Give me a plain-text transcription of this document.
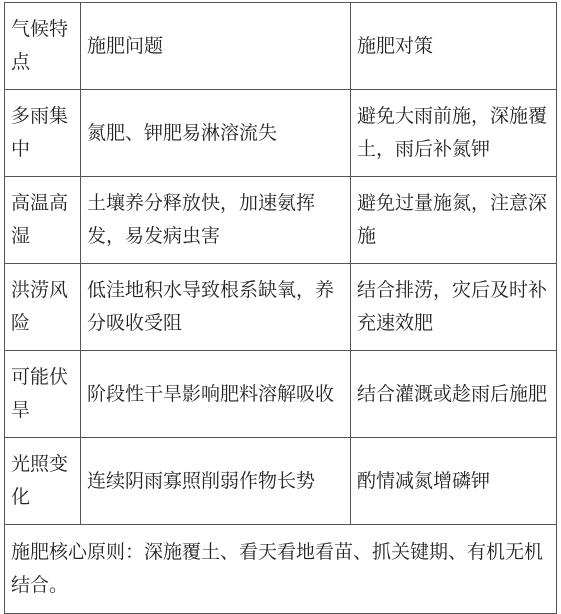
气候特点	施肥问题	施肥对策
多雨集中	氮肥、钾肥易淋溶流失	避免大雨前施，深施覆土，雨后补氮钾
高温高湿	土壤养分释放快，加速氨挥发，易发病虫害	避免过量施氮，注意深施
洪涝风险	低洼地积水导致根系缺氧，养分吸收受阻	结合排涝，灾后及时补充速效肥
可能伏旱	阶段性干旱影响肥料溶解吸收	结合灌溉或趁雨后施肥
光照变化	连续阴雨寡照削弱作物长势	酌情减氮增磷钾
施肥核心原则：深施覆土、看天看地看苗、抓关键期、有机无机结合。		
